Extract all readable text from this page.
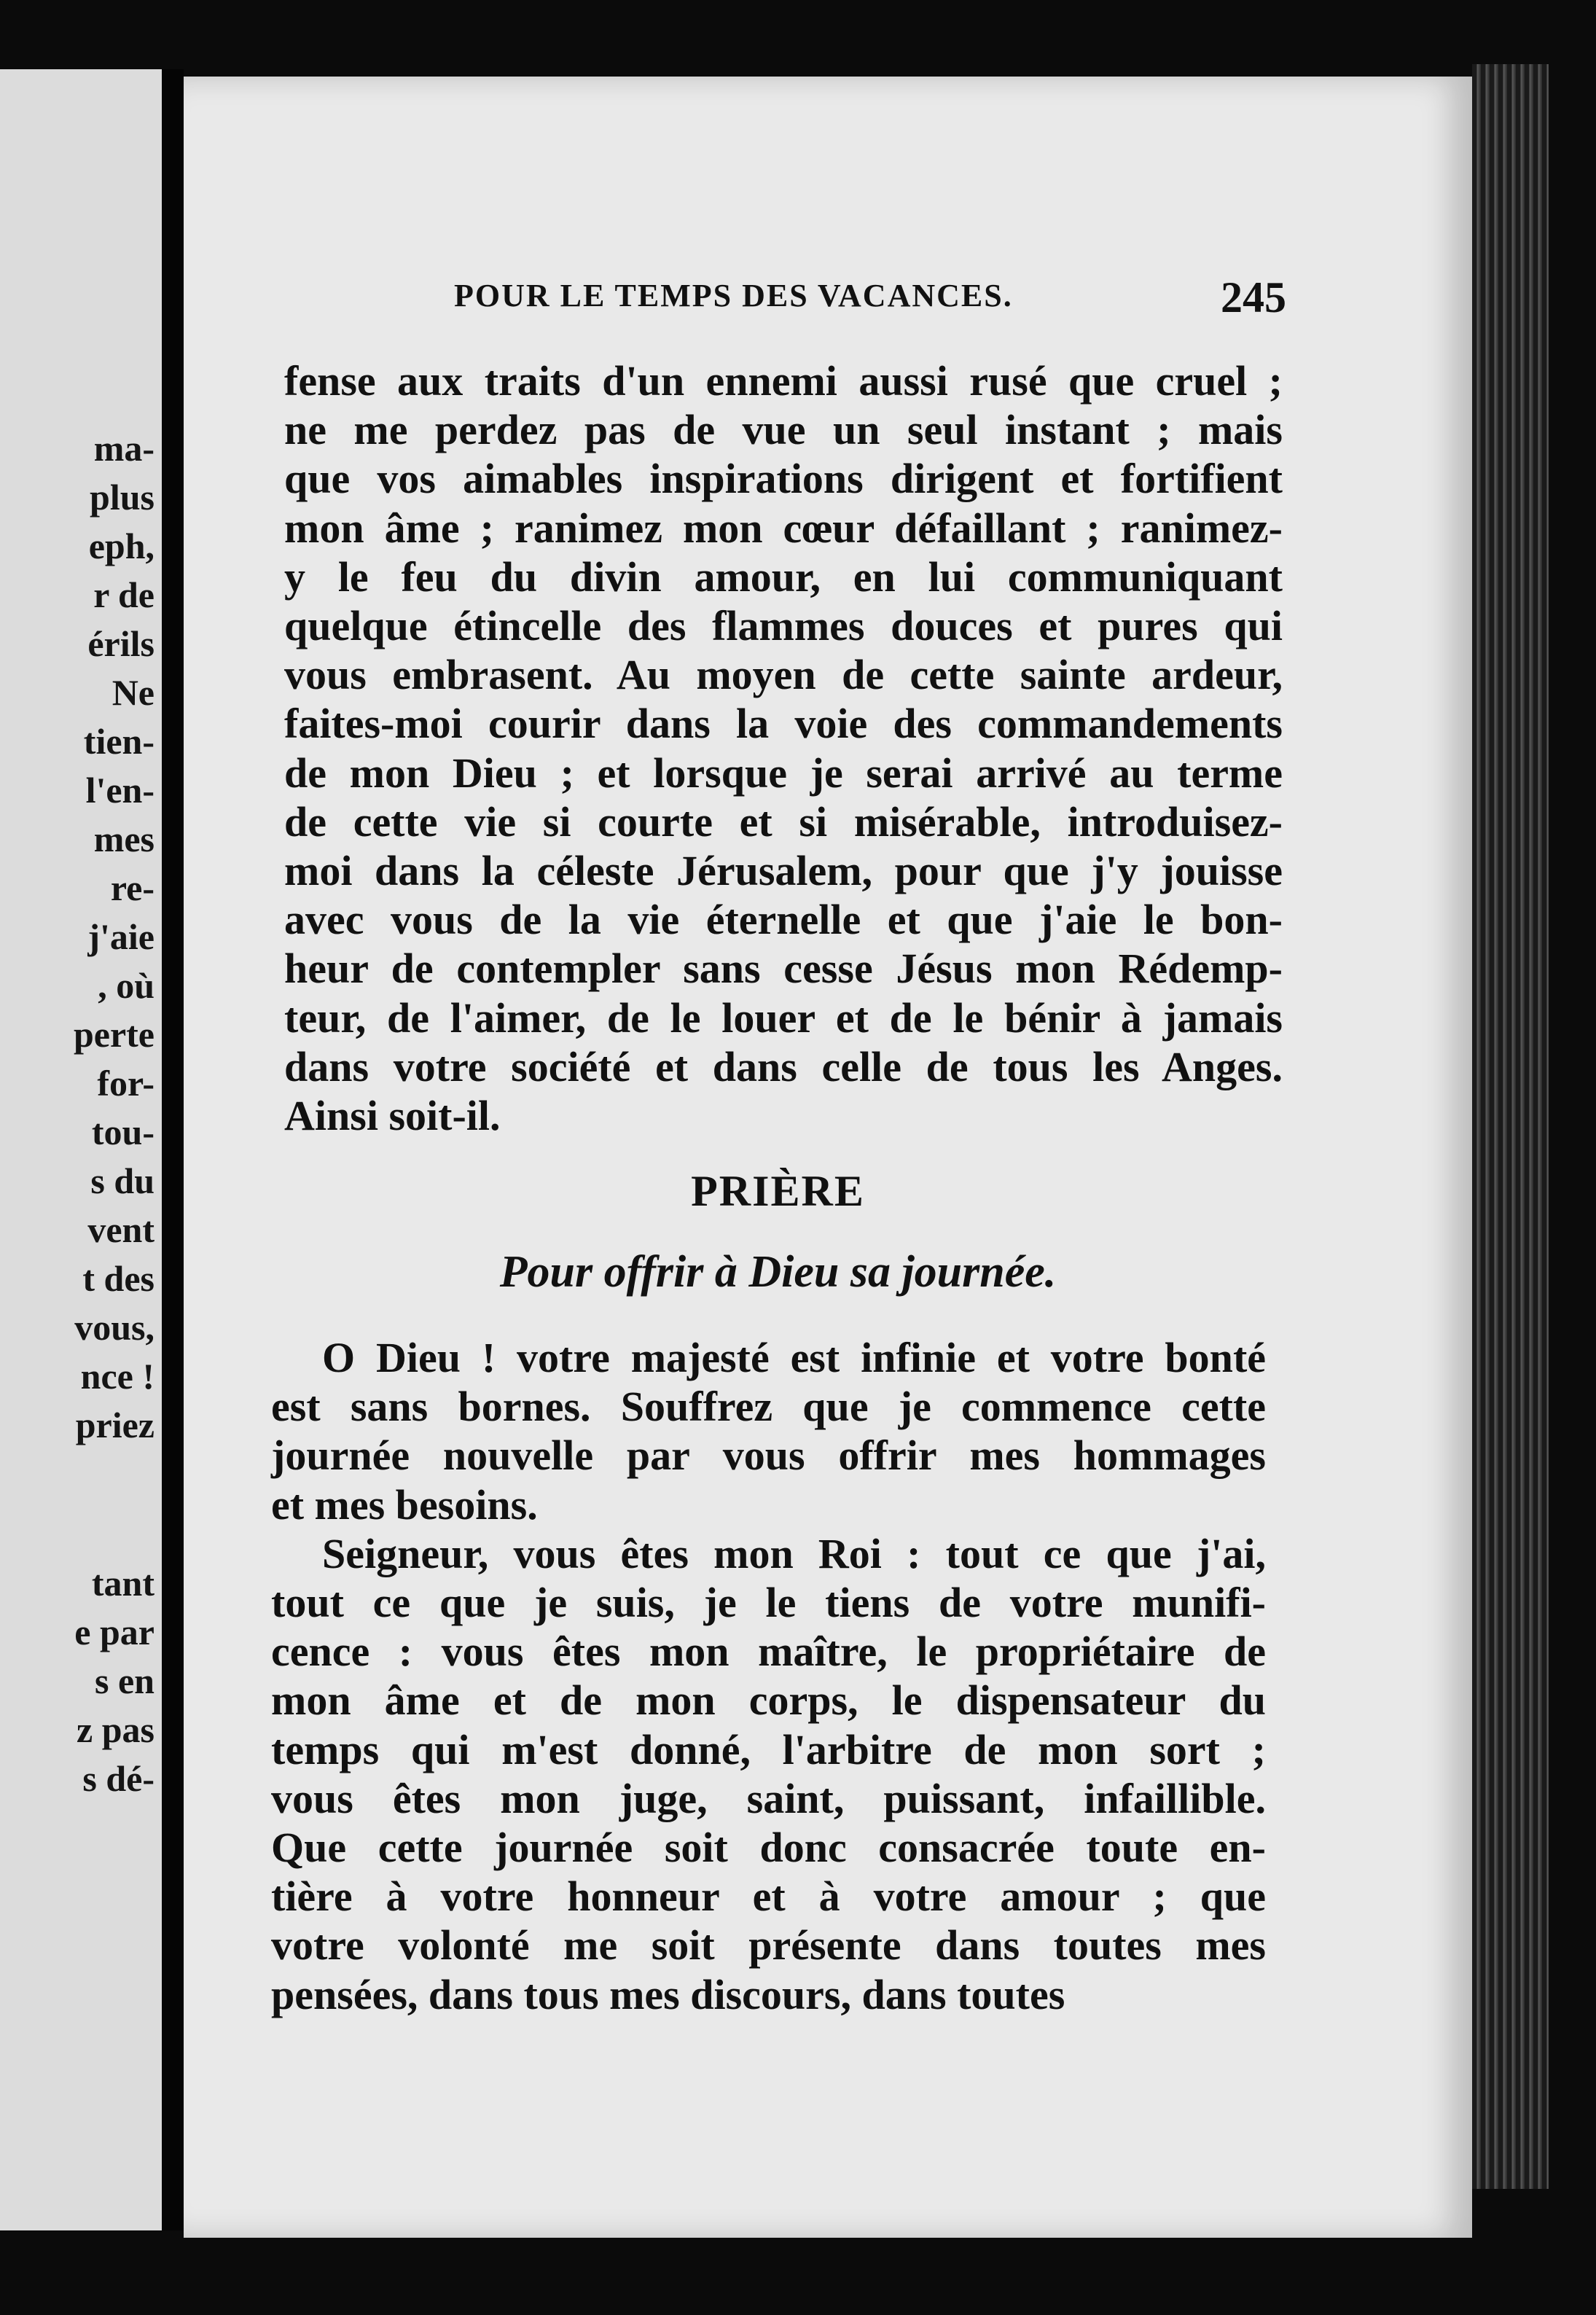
ma-
plus
eph,
r de
érils
Ne
tien-
l'en-
mes
re-
j'aie
, où
perte
for-
tou-
s du
vent
t des
vous,
nce !
priez
tant
e par
s en
z pas
s dé-
POUR LE TEMPS DES VACANCES.	245
fense aux traits d'un ennemi aussi rusé que cruel ;
ne me perdez pas de vue un seul instant ; mais
que vos aimables inspirations dirigent et fortifient
mon âme ; ranimez mon cœur défaillant ; ranimez-
y le feu du divin amour, en lui communiquant
quelque étincelle des flammes douces et pures qui
vous embrasent. Au moyen de cette sainte ardeur,
faites-moi courir dans la voie des commandements
de mon Dieu ; et lorsque je serai arrivé au terme
de cette vie si courte et si misérable, introduisez-
moi dans la céleste Jérusalem, pour que j'y jouisse
avec vous de la vie éternelle et que j'aie le bon-
heur de contempler sans cesse Jésus mon Rédemp-
teur, de l'aimer, de le louer et de le bénir à jamais
dans votre société et dans celle de tous les Anges.
Ainsi soit-il.
PRIÈRE
Pour offrir à Dieu sa journée.
O Dieu ! votre majesté est infinie et votre bonté
est sans bornes. Souffrez que je commence cette
journée nouvelle par vous offrir mes hommages
et mes besoins.
Seigneur, vous êtes mon Roi : tout ce que j'ai,
tout ce que je suis, je le tiens de votre munifi-
cence : vous êtes mon maître, le propriétaire de
mon âme et de mon corps, le dispensateur du
temps qui m'est donné, l'arbitre de mon sort ;
vous êtes mon juge, saint, puissant, infaillible.
Que cette journée soit donc consacrée toute en-
tière à votre honneur et à votre amour ; que
votre volonté me soit présente dans toutes mes
pensées, dans tous mes discours, dans toutes
